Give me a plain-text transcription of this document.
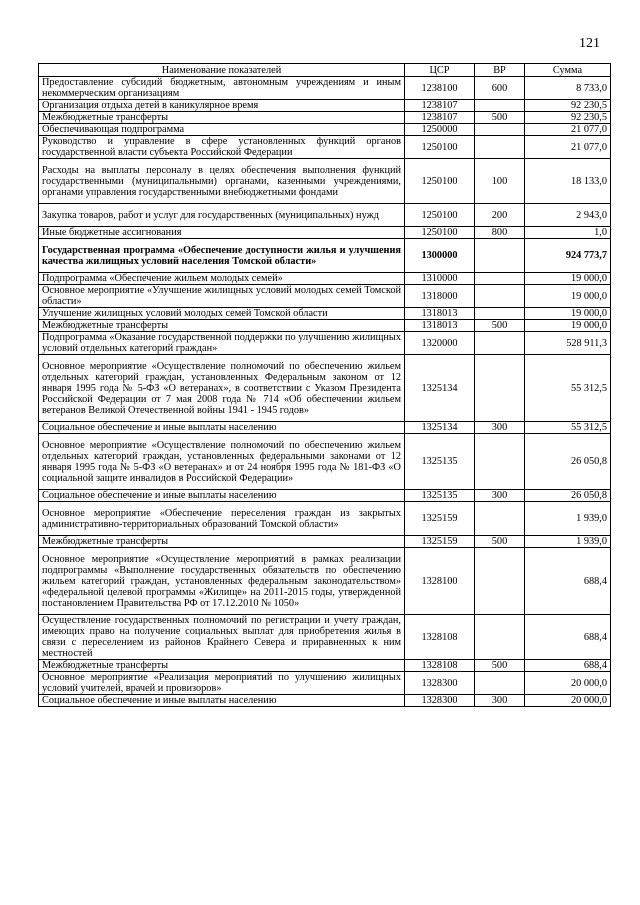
121
Наименование показателей	ЦСР	ВР	Сумма
Предоставление субсидий бюджетным, автономным учреждениям и иным некоммерческим организациям	1238100	600	8 733,0
Организация отдыха детей в каникулярное время	1238107		92 230,5
Межбюджетные трансферты	1238107	500	92 230,5
Обеспечивающая подпрограмма	1250000		21 077,0
Руководство и управление в сфере установленных функций органов государственной власти субъекта Российской Федерации	1250100		21 077,0
Расходы на выплаты персоналу в целях обеспечения выполнения функций государственными (муниципальными) органами, казенными учреждениями, органами управления государственными внебюджетными фондами	1250100	100	18 133,0
Закупка товаров, работ и услуг для государственных (муниципальных) нужд	1250100	200	2 943,0
Иные бюджетные ассигнования	1250100	800	1,0
Государственная программа «Обеспечение доступности жилья и улучшения качества жилищных условий населения Томской области»	1300000		924 773,7
Подпрограмма «Обеспечение жильем молодых семей»	1310000		19 000,0
Основное мероприятие «Улучшение жилищных условий молодых семей Томской области»	1318000		19 000,0
Улучшение жилищных условий молодых семей Томской области	1318013		19 000,0
Межбюджетные трансферты	1318013	500	19 000,0
Подпрограмма «Оказание государственной поддержки по улучшению жилищных условий отдельных категорий граждан»	1320000		528 911,3
Основное мероприятие «Осуществление полномочий по обеспечению жильем отдельных категорий граждан, установленных Федеральным законом от 12 января 1995 года № 5-ФЗ «О ветеранах», в соответствии с Указом Президента Российской Федерации от 7 мая 2008 года № 714 «Об обеспечении жильем ветеранов Великой Отечественной войны 1941 - 1945 годов»	1325134		55 312,5
Социальное обеспечение и иные выплаты населению	1325134	300	55 312,5
Основное мероприятие «Осуществление полномочий по обеспечению жильем отдельных категорий граждан, установленных федеральными законами от 12 января 1995 года № 5-ФЗ «О ветеранах» и от 24 ноября 1995 года № 181-ФЗ «О социальной защите инвалидов в Российской Федерации»	1325135		26 050,8
Социальное обеспечение и иные выплаты населению	1325135	300	26 050,8
Основное мероприятие «Обеспечение переселения граждан из закрытых административно-территориальных образований Томской области»	1325159		1 939,0
Межбюджетные трансферты	1325159	500	1 939,0
Основное мероприятие «Осуществление мероприятий в рамках реализации подпрограммы «Выполнение государственных обязательств по обеспечению жильем категорий граждан, установленных федеральным законодательством» «федеральной целевой программы «Жилище» на 2011-2015 годы, утвержденной постановлением Правительства РФ от 17.12.2010 № 1050»	1328100		688,4
Осуществление государственных полномочий по регистрации и учету граждан, имеющих право на получение социальных выплат для приобретения жилья в связи с переселением из районов Крайнего Севера и приравненных к ним местностей	1328108		688,4
Межбюджетные трансферты	1328108	500	688,4
Основное мероприятие «Реализация мероприятий по улучшению жилищных условий учителей, врачей и провизоров»	1328300		20 000,0
Социальное обеспечение и иные выплаты населению	1328300	300	20 000,0
